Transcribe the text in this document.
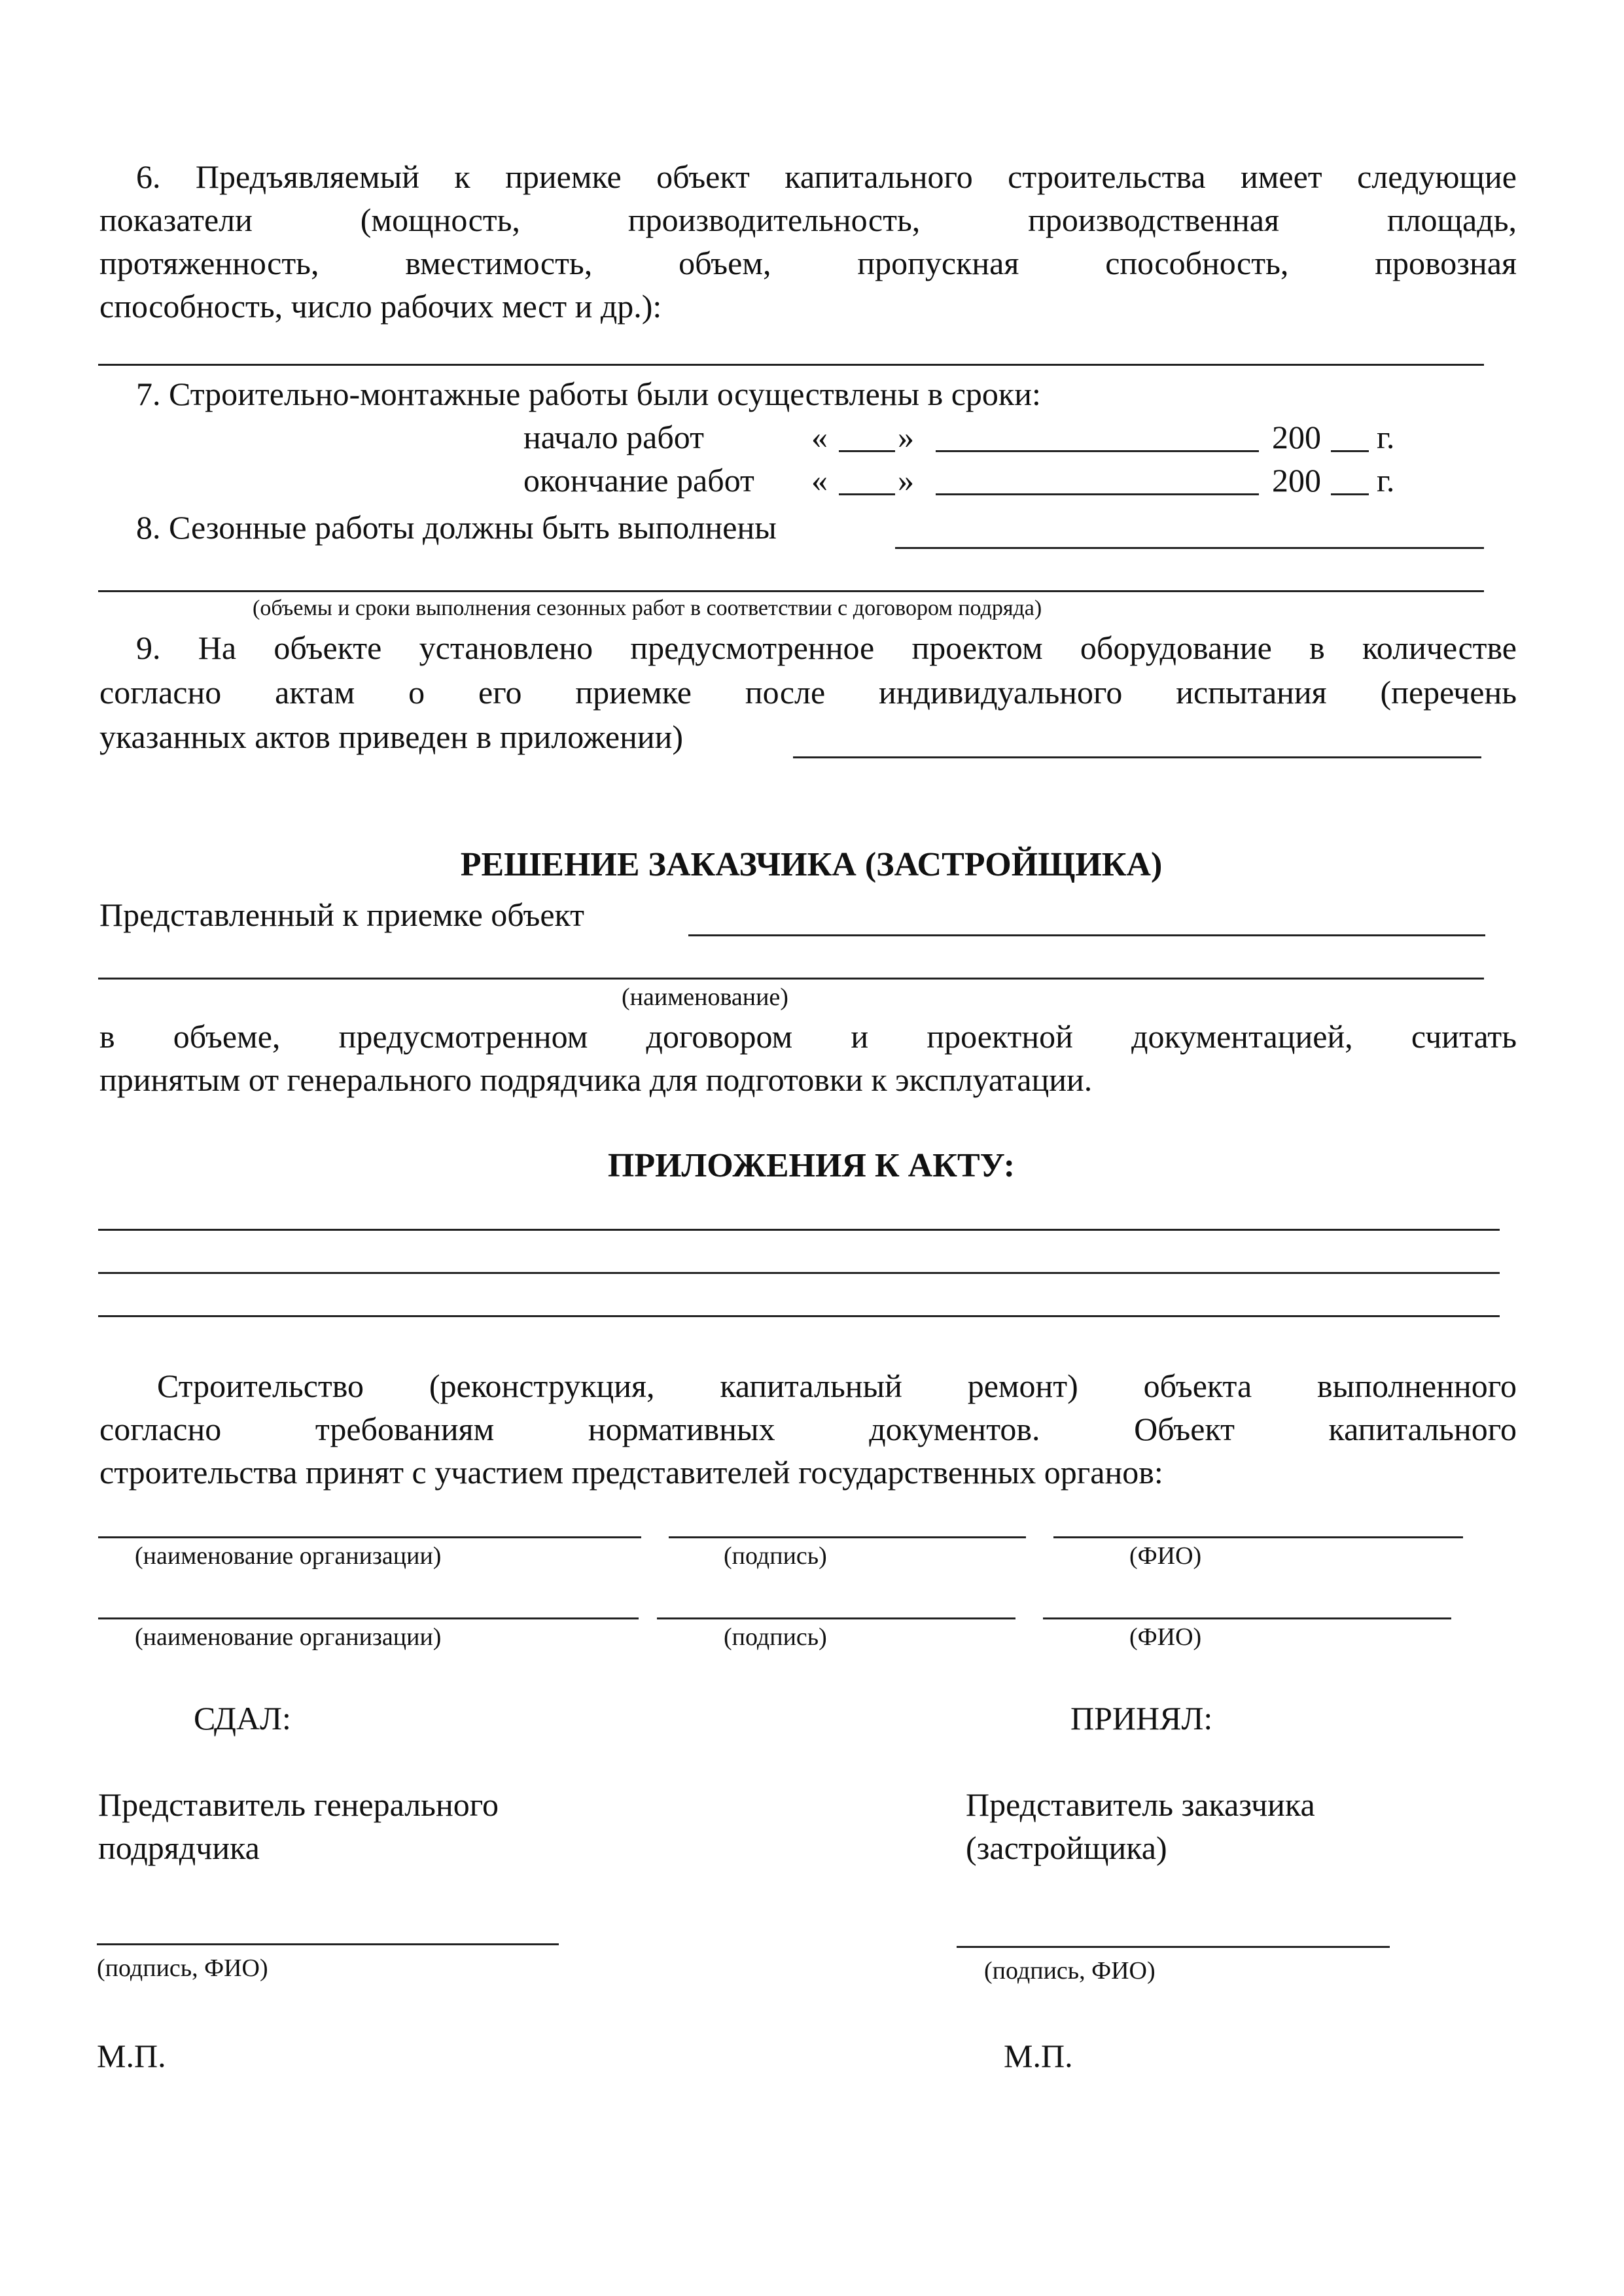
6. Предъявляемый к приемке объект капитального строительства имеет следующие
показатели (мощность, производительность, производственная площадь,
протяженность, вместимость, объем, пропускная способность, провозная
способность, число рабочих мест и др.):
7. Строительно-монтажные работы были осуществлены в сроки:
начало работ	« »	200 г.
окончание работ « »	200 г.
8. Сезонные работы должны быть выполнены
(объемы и сроки выполнения сезонных работ в соответствии с договором подряда)
9. На объекте установлено предусмотренное проектом оборудование в количестве
согласно актам о его приемке после индивидуального испытания (перечень
указанных актов приведен в приложении)
РЕШЕНИЕ ЗАКАЗЧИКА (ЗАСТРОЙЩИКА)
Представленный к приемке объект
(наименование)
в объеме, предусмотренном договором и проектной документацией, считать
принятым от генерального подрядчика для подготовки к эксплуатации.
ПРИЛОЖЕНИЯ К АКТУ:
Строительство (реконструкция, капитальный ремонт) объекта выполненного
согласно требованиям нормативных документов. Объект капитального
строительства принят с участием представителей государственных органов:
(наименование организации)	(подпись)	(ФИО)
(наименование организации)	(подпись)	(ФИО)
СДАЛ:
Представитель генерального
подрядчика
(подпись, ФИО)
М.П.
ПРИНЯЛ:
Представитель заказчика
(застройщика)
(подпись, ФИО)
М.П.
